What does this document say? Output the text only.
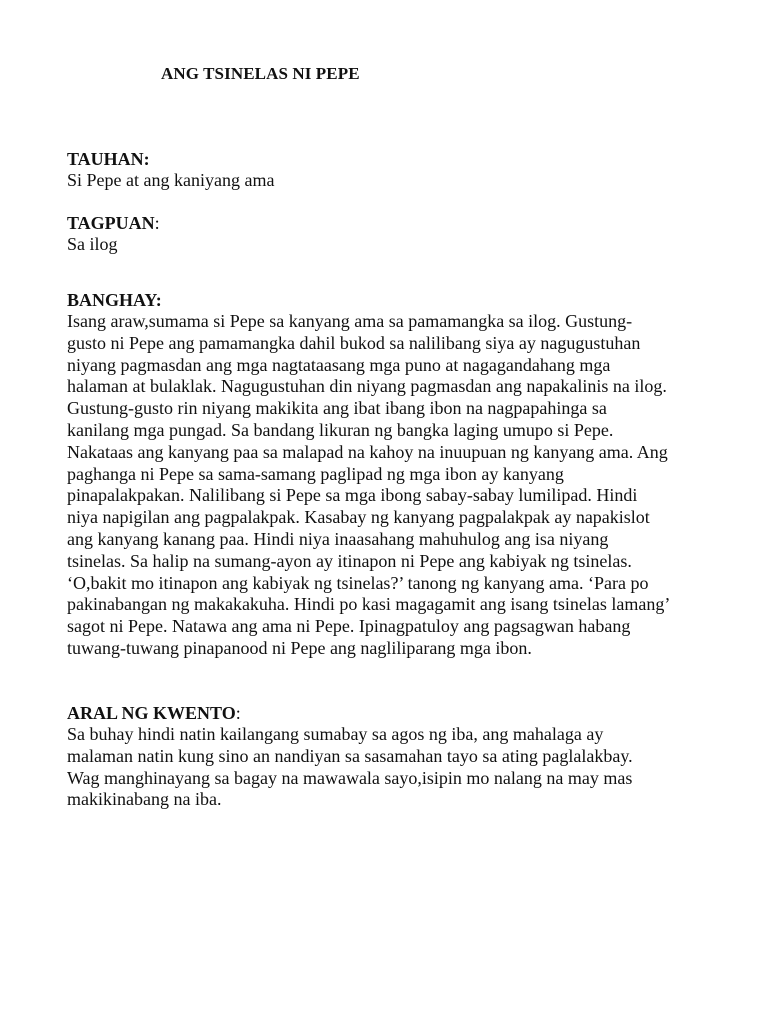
ANG TSINELAS NI PEPE

TAUHAN:

Si Pepe at ang kaniyang ama

TAGPUAN:

Sa ilog

BANGHAY:

Isang araw,sumama si Pepe sa kanyang ama sa pamamangka sa ilog. Gustung-
gusto ni Pepe ang pamamangka dahil bukod sa nalilibang siya ay nagugustuhan
niyang pagmasdan ang mga nagtataasang mga puno at nagagandahang mga
halaman at bulaklak. Nagugustuhan din niyang pagmasdan ang napakalinis na ilog.
Gustung-gusto rin niyang makikita ang ibat ibang ibon na nagpapahinga sa
kanilang mga pungad. Sa bandang likuran ng bangka laging umupo si Pepe.
Nakataas ang kanyang paa sa malapad na kahoy na inuupuan ng kanyang ama. Ang
paghanga ni Pepe sa sama-samang paglipad ng mga ibon ay kanyang
pinapalakpakan. Nalilibang si Pepe sa mga ibong sabay-sabay lumilipad. Hindi
niya napigilan ang pagpalakpak. Kasabay ng kanyang pagpalakpak ay napakislot
ang kanyang kanang paa. Hindi niya inaasahang mahuhulog ang isa niyang
tsinelas. Sa halip na sumang-ayon ay itinapon ni Pepe ang kabiyak ng tsinelas.
‘O,bakit mo itinapon ang kabiyak ng tsinelas?’ tanong ng kanyang ama. ‘Para po
pakinabangan ng makakakuha. Hindi po kasi magagamit ang isang tsinelas lamang’
sagot ni Pepe. Natawa ang ama ni Pepe. Ipinagpatuloy ang pagsagwan habang
tuwang-tuwang pinapanood ni Pepe ang nagliliparang mga ibon.

ARAL NG KWENTO:

Sa buhay hindi natin kailangang sumabay sa agos ng iba, ang mahalaga ay
malaman natin kung sino an nandiyan sa sasamahan tayo sa ating paglalakbay.
Wag manghinayang sa bagay na mawawala sayo,isipin mo nalang na may mas
makikinabang na iba.
